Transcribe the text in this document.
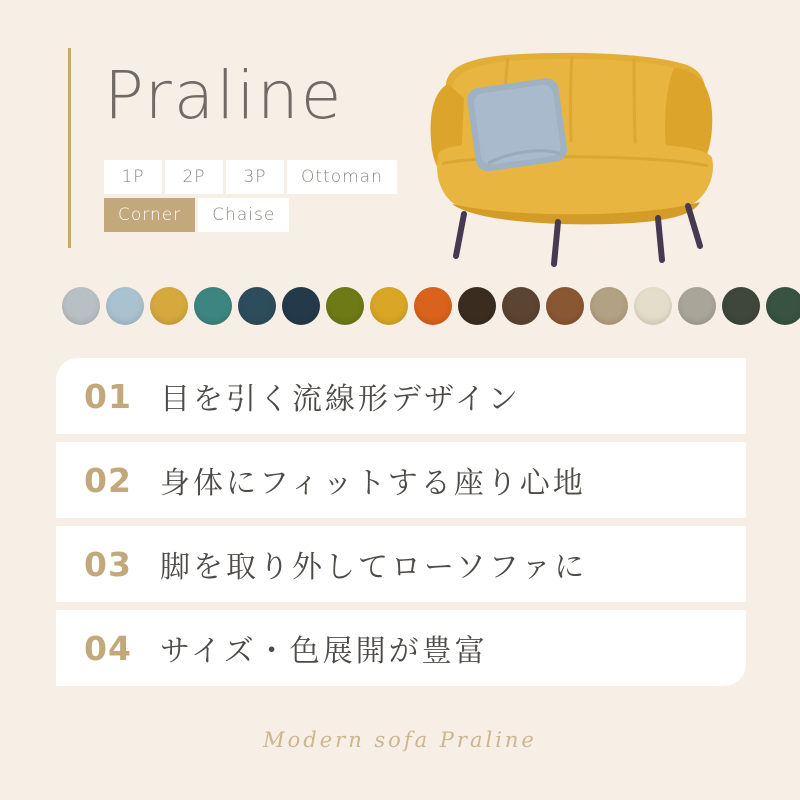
Praline
1P	2P	3P	Ottoman
Corner	Chaise
01 目を引く流線形デザイン
02 身体にフィットする座り心地
03 脚を取り外してローソファに
04 サイズ・色展開が豊富
Modern sofa Praline
